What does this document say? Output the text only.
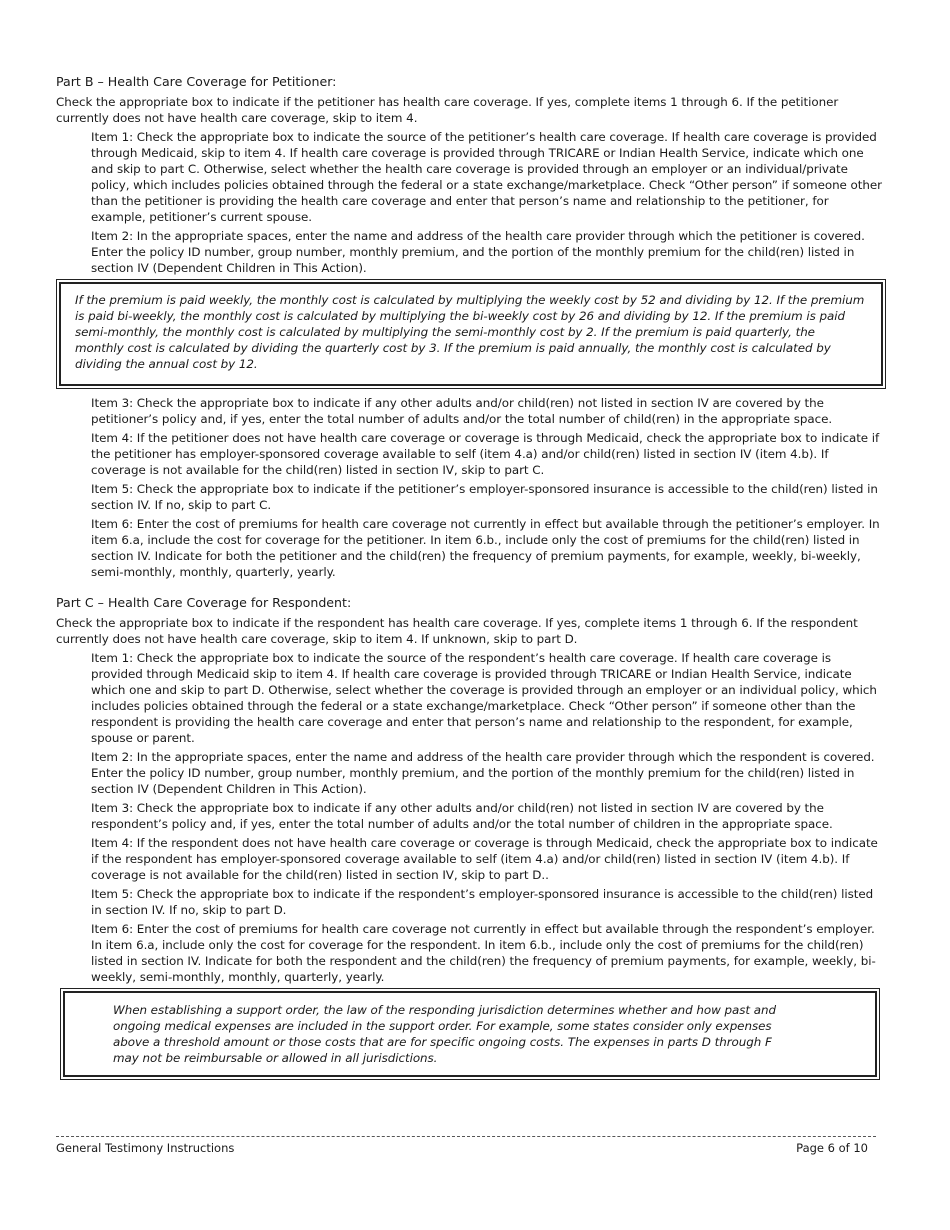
Part B – Health Care Coverage for Petitioner:

Check the appropriate box to indicate if the petitioner has health care coverage. If yes, complete items 1 through 6. If the petitioner currently does not have health care coverage, skip to item 4.

Item 1: Check the appropriate box to indicate the source of the petitioner’s health care coverage. If health care coverage is provided through Medicaid, skip to item 4. If health care coverage is provided through TRICARE or Indian Health Service, indicate which one and skip to part C. Otherwise, select whether the health care coverage is provided through an employer or an individual/private policy, which includes policies obtained through the federal or a state exchange/marketplace. Check “Other person” if someone other than the petitioner is providing the health care coverage and enter that person’s name and relationship to the petitioner, for example, petitioner’s current spouse.

Item 2: In the appropriate spaces, enter the name and address of the health care provider through which the petitioner is covered. Enter the policy ID number, group number, monthly premium, and the portion of the monthly premium for the child(ren) listed in section IV (Dependent Children in This Action).

If the premium is paid weekly, the monthly cost is calculated by multiplying the weekly cost by 52 and dividing by 12. If the premium is paid bi-weekly, the monthly cost is calculated by multiplying the bi-weekly cost by 26 and dividing by 12. If the premium is paid semi-monthly, the monthly cost is calculated by multiplying the semi-monthly cost by 2. If the premium is paid quarterly, the monthly cost is calculated by dividing the quarterly cost by 3. If the premium is paid annually, the monthly cost is calculated by dividing the annual cost by 12.

Item 3: Check the appropriate box to indicate if any other adults and/or child(ren) not listed in section IV are covered by the petitioner’s policy and, if yes, enter the total number of adults and/or the total number of child(ren) in the appropriate space.

Item 4: If the petitioner does not have health care coverage or coverage is through Medicaid, check the appropriate box to indicate if the petitioner has employer-sponsored coverage available to self (item 4.a) and/or child(ren) listed in section IV (item 4.b). If coverage is not available for the child(ren) listed in section IV, skip to part C.

Item 5: Check the appropriate box to indicate if the petitioner’s employer-sponsored insurance is accessible to the child(ren) listed in section IV. If no, skip to part C.

Item 6: Enter the cost of premiums for health care coverage not currently in effect but available through the petitioner’s employer. In item 6.a, include the cost for coverage for the petitioner. In item 6.b., include only the cost of premiums for the child(ren) listed in section IV. Indicate for both the petitioner and the child(ren) the frequency of premium payments, for example, weekly, bi-weekly, semi-monthly, monthly, quarterly, yearly.

Part C – Health Care Coverage for Respondent:

Check the appropriate box to indicate if the respondent has health care coverage. If yes, complete items 1 through 6. If the respondent currently does not have health care coverage, skip to item 4. If unknown, skip to part D.

Item 1: Check the appropriate box to indicate the source of the respondent’s health care coverage. If health care coverage is provided through Medicaid skip to item 4. If health care coverage is provided through TRICARE or Indian Health Service, indicate which one and skip to part D. Otherwise, select whether the coverage is provided through an employer or an individual policy, which includes policies obtained through the federal or a state exchange/marketplace. Check “Other person” if someone other than the respondent is providing the health care coverage and enter that person’s name and relationship to the respondent, for example, spouse or parent.

Item 2: In the appropriate spaces, enter the name and address of the health care provider through which the respondent is covered. Enter the policy ID number, group number, monthly premium, and the portion of the monthly premium for the child(ren) listed in section IV (Dependent Children in This Action).

Item 3: Check the appropriate box to indicate if any other adults and/or child(ren) not listed in section IV are covered by the respondent’s policy and, if yes, enter the total number of adults and/or the total number of children in the appropriate space.

Item 4: If the respondent does not have health care coverage or coverage is through Medicaid, check the appropriate box to indicate if the respondent has employer-sponsored coverage available to self (item 4.a) and/or child(ren) listed in section IV (item 4.b). If coverage is not available for the child(ren) listed in section IV, skip to part D..

Item 5: Check the appropriate box to indicate if the respondent’s employer-sponsored insurance is accessible to the child(ren) listed in section IV. If no, skip to part D.

Item 6: Enter the cost of premiums for health care coverage not currently in effect but available through the respondent’s employer. In item 6.a, include only the cost for coverage for the respondent. In item 6.b., include only the cost of premiums for the child(ren) listed in section IV. Indicate for both the respondent and the child(ren) the frequency of premium payments, for example, weekly, bi-weekly, semi-monthly, monthly, quarterly, yearly.

When establishing a support order, the law of the responding jurisdiction determines whether and how past and ongoing medical expenses are included in the support order. For example, some states consider only expenses above a threshold amount or those costs that are for specific ongoing costs. The expenses in parts D through F may not be reimbursable or allowed in all jurisdictions.
General Testimony Instructions	Page 6 of 10
